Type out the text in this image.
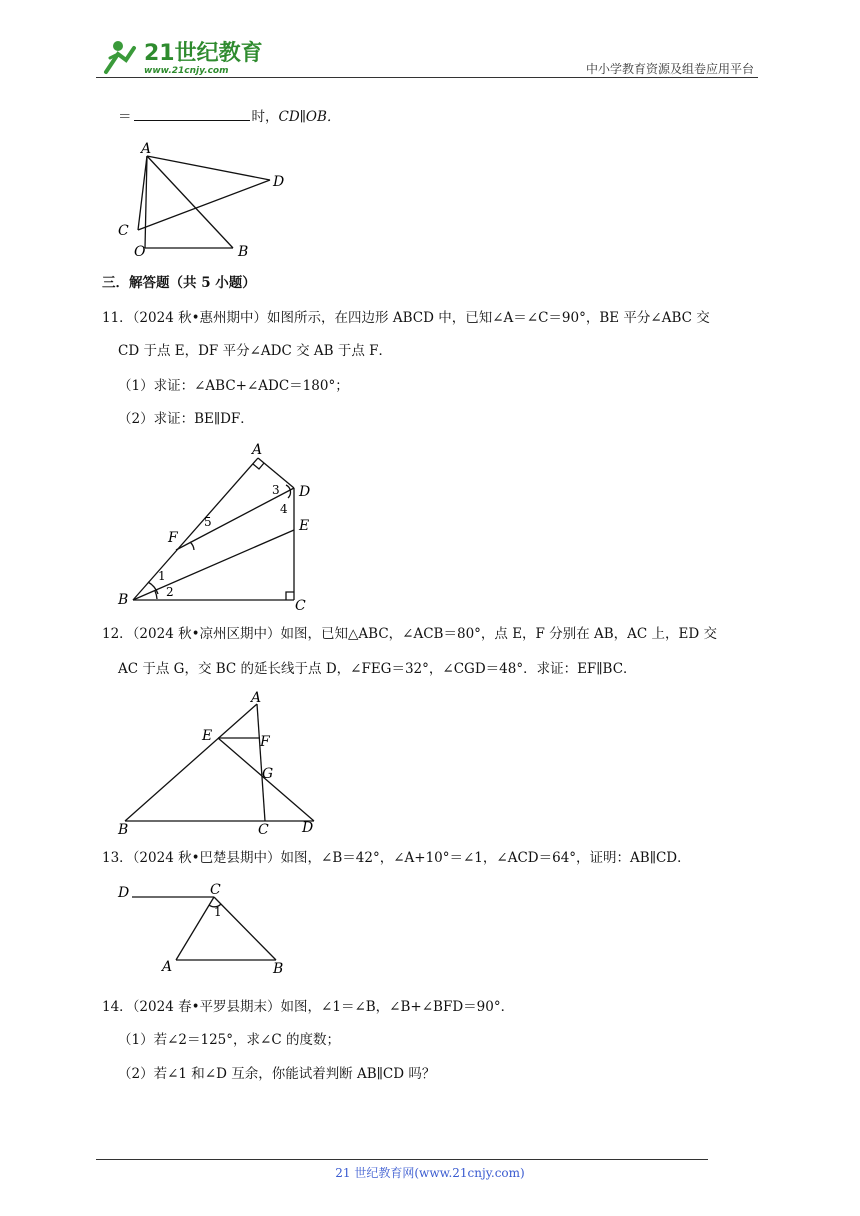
21世纪教育
www.21cnjy.com	中小学教育资源及组卷应用平台
＝	时，CD∥OB．
A
D
C
O	B
三．解答题（共 5 小题）
11．（2024 秋•惠州期中）如图所示，在四边形 ABCD 中，已知∠A＝∠C＝90°，BE 平分∠ABC 交
CD 于点 E，DF 平分∠ADC 交 AB 于点 F．
（1）求证：∠ABC+∠ADC＝180°；
（2）求证：BE∥DF．
A
D
3
4
E
F
5
1
2
B	C
12．（2024 秋•凉州区期中）如图，已知△ABC，∠ACB＝80°，点 E，F 分别在 AB，AC 上，ED 交
AC 于点 G，交 BC 的延长线于点 D，∠FEG＝32°，∠CGD＝48°．求证：EF∥BC．
A
E	F
G
B	C D
13．（2024 秋•巴楚县期中）如图，∠B＝42°，∠A+10°＝∠1，∠ACD＝64°，证明：AB∥CD．
D	C
1
A	B
14．（2024 春•平罗县期末）如图，∠1＝∠B，∠B+∠BFD＝90°．
（1）若∠2＝125°，求∠C 的度数；
（2）若∠1 和∠D 互余，你能试着判断 AB∥CD 吗？
21 世纪教育网(www.21cnjy.com)
